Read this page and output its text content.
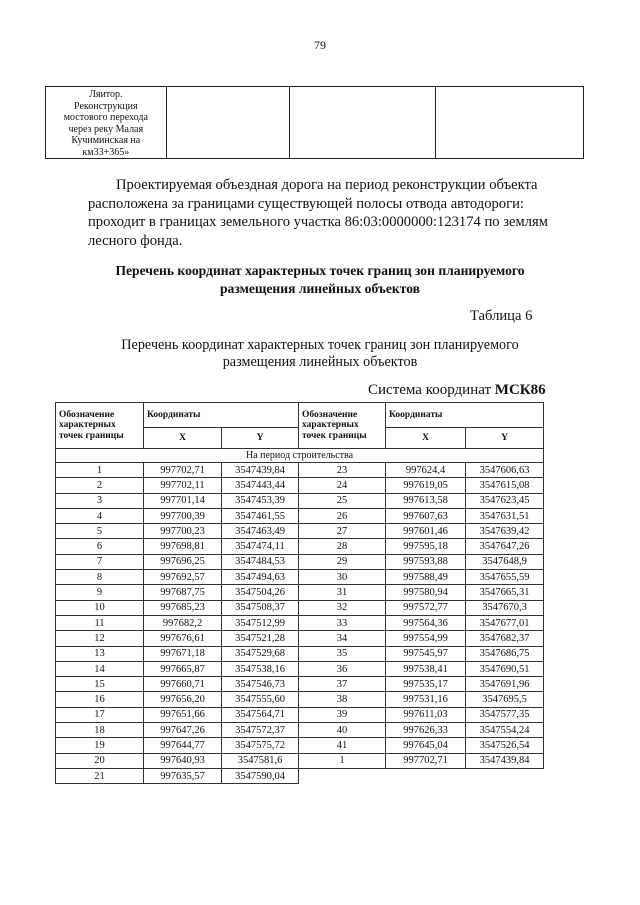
79
Ляитор.
Реконструкция
мостового перехода
через реку Малая
Кучиминская на
км33+365»

Проектируемая объездная дорога на период реконструкции объекта
расположена за границами существующей полосы отвода автодороги:
проходит в границах земельного участка 86:03:0000000:123174 по землям
лесного фонда.
Перечень координат характерных точек границ зон планируемого
размещения линейных объектов
Таблица 6
Перечень координат характерных точек границ зон планируемого
размещения линейных объектов
Система координат МСК86
Обозначение характерных точек границы	Координаты		Обозначение характерных точек границы	Координаты	
	X	Y		X	Y
На период строительства					
1	997702,71	3547439,84	23	997624,4	3547606,63
2	997702,11	3547443,44	24	997619,05	3547615,08
3	997701,14	3547453,39	25	997613,58	3547623,45
4	997700,39	3547461,55	26	997607,63	3547631,51
5	997700,23	3547463,49	27	997601,46	3547639,42
6	997698,81	3547474,11	28	997595,18	3547647,26
7	997696,25	3547484,53	29	997593,88	3547648,9
8	997692,57	3547494,63	30	997588,49	3547655,59
9	997687,75	3547504,26	31	997580,94	3547665,31
10	997685,23	3547508,37	32	997572,77	3547670,3
11	997682,2	3547512,99	33	997564,36	3547677,01
12	997676,61	3547521,28	34	997554,99	3547682,37
13	997671,18	3547529,68	35	997545,97	3547686,75
14	997665,87	3547538,16	36	997538,41	3547690,51
15	997660,71	3547546,73	37	997535,17	3547691,96
16	997656,20	3547555,60	38	997531,16	3547695,5
17	997651,66	3547564,71	39	997611,03	3547577,35
18	997647,26	3547572,37	40	997626,33	3547554,24
19	997644,77	3547575,72	41	997645,04	3547526,54
20	997640,93	3547581,6	1	997702,71	3547439,84
21	997635,57	3547590,04			
